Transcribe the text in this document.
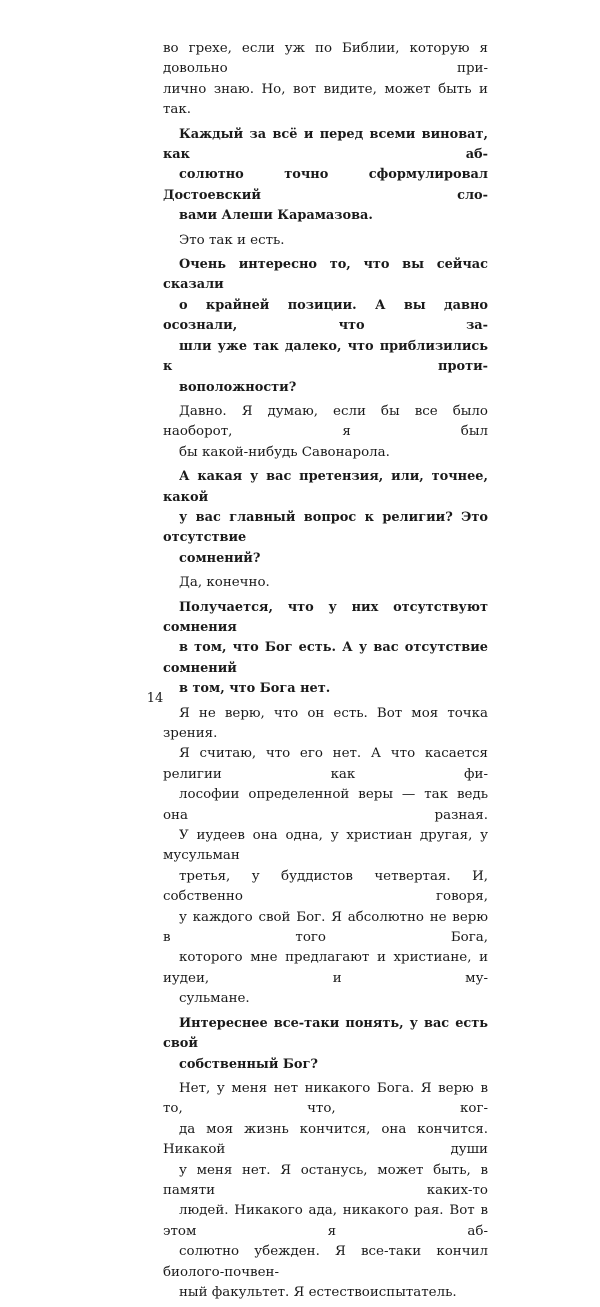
во грехе, если уж по Библии, которую я довольно при-
лично знаю. Но, вот видите, может быть и так.

Каждый за всё и перед всеми виноват, как аб-
солютно точно сформулировал Достоевский сло-
вами Алеши Карамазова.

Это так и есть.

Очень интересно то, что вы сейчас сказали
о крайней позиции. А вы давно осознали, что за-
шли уже так далеко, что приблизились к проти-
воположности?

Давно. Я думаю, если бы все было наоборот, я был
бы какой-нибудь Савонарола.

А какая у вас претензия, или, точнее, какой
у вас главный вопрос к религии? Это отсутствие
сомнений?

Да, конечно.

Получается, что у них отсутствуют сомнения
в том, что Бог есть. А у вас отсутствие сомнений
в том, что Бога нет.

Я не верю, что он есть. Вот моя точка зрения.
Я считаю, что его нет. А что касается религии как фи-
лософии определенной веры — так ведь она разная.
У иудеев она одна, у христиан другая, у мусульман
третья, у буддистов четвертая. И, собственно говоря,
у каждого свой Бог. Я абсолютно не верю в того Бога,
которого мне предлагают и христиане, и иудеи, и му-
сульмане.

Интереснее все-таки понять, у вас есть свой
собственный Бог?

Нет, у меня нет никакого Бога. Я верю в то, что, ког-
да моя жизнь кончится, она кончится. Никакой души
у меня нет. Я останусь, может быть, в памяти каких-то
людей. Никакого ада, никакого рая. Вот в этом я аб-
солютно убежден. Я все-таки кончил биолого-почвен-
ный факультет. Я естествоиспытатель.

14
